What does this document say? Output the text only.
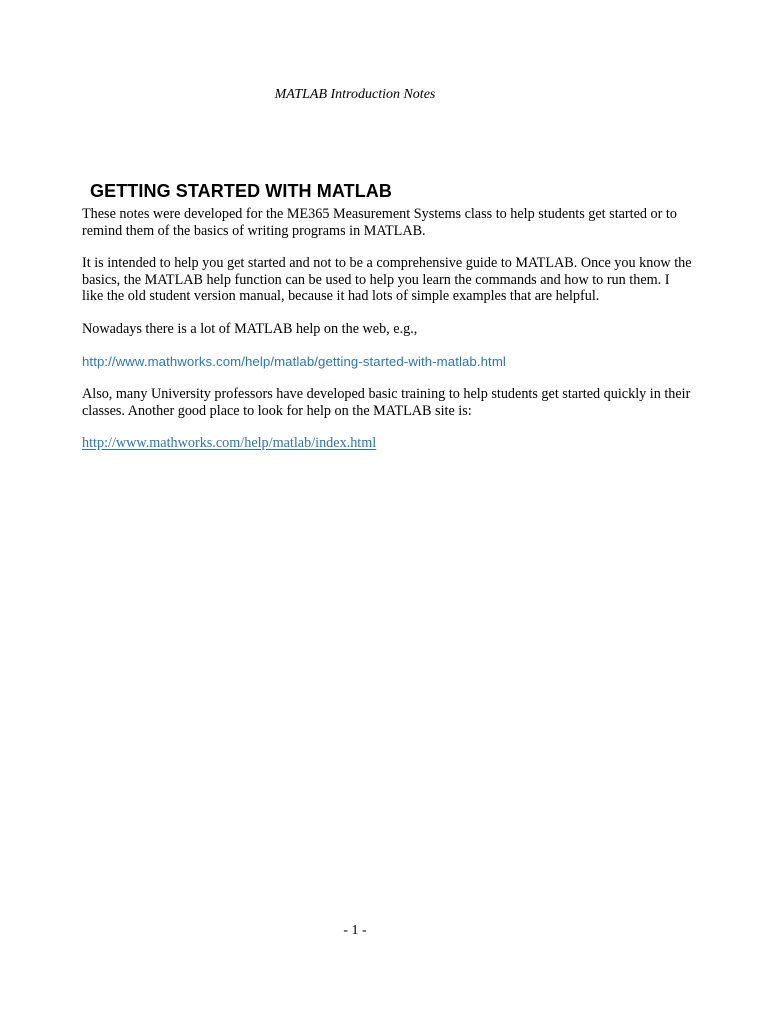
MATLAB Introduction Notes
GETTING STARTED WITH MATLAB

These notes were developed for the ME365 Measurement Systems class to help students get started or to remind them of the basics of writing programs in MATLAB.

It is intended to help you get started and not to be a comprehensive guide to MATLAB. Once you know the basics, the MATLAB help function can be used to help you learn the commands and how to run them. I like the old student version manual, because it had lots of simple examples that are helpful.

Nowadays there is a lot of MATLAB help on the web, e.g.,

http://www.mathworks.com/help/matlab/getting-started-with-matlab.html

Also, many University professors have developed basic training to help students get started quickly in their classes. Another good place to look for help on the MATLAB site is:

http://www.mathworks.com/help/matlab/index.html

- 1 -
